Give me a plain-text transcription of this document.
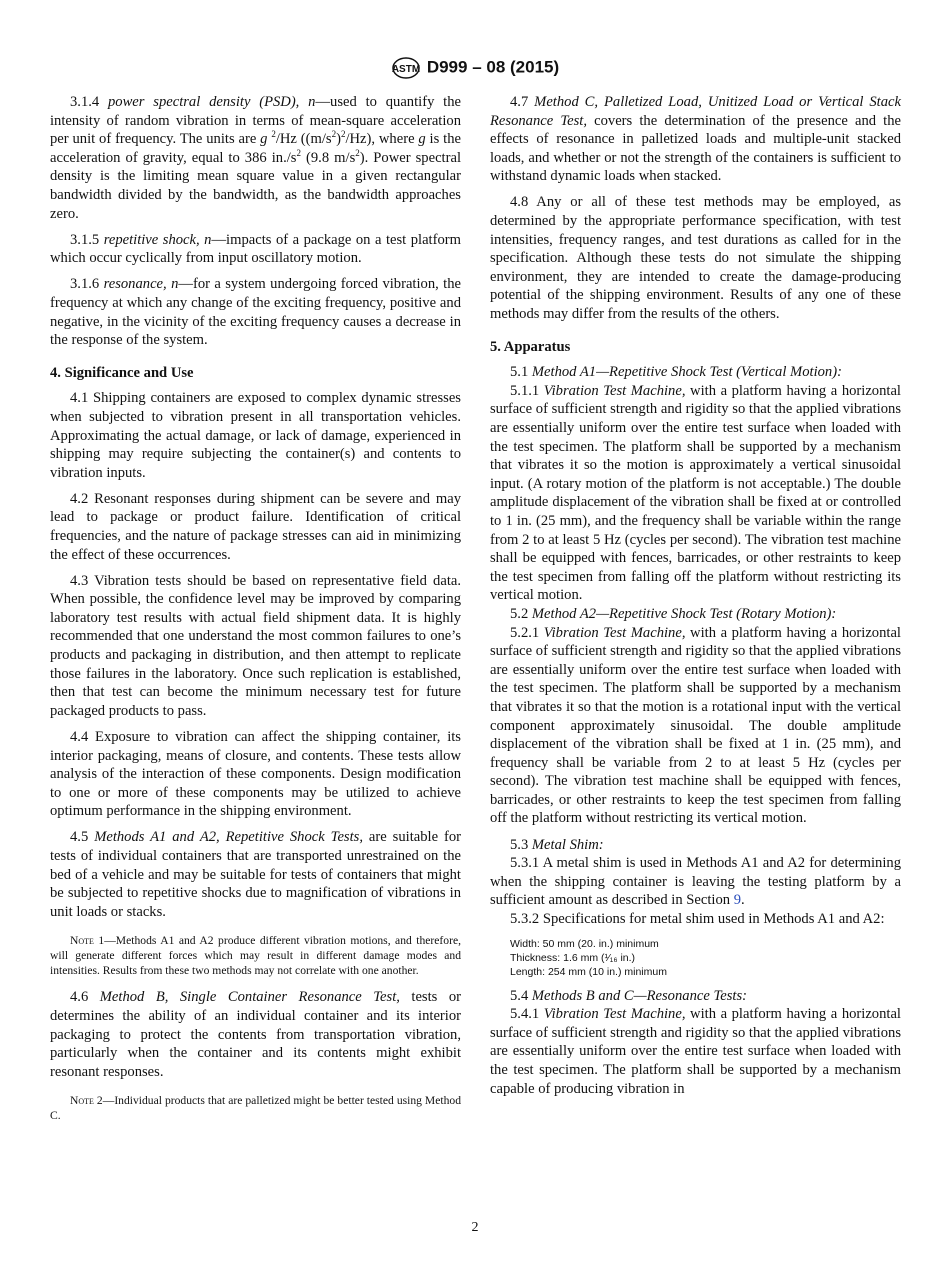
ASTM D999 – 08 (2015)

3.1.4 power spectral density (PSD), n—used to quantify the intensity of random vibration in terms of mean-square acceleration per unit of frequency. The units are g $^2$/Hz $((m/s^2)^2/Hz)$, where g is the acceleration of gravity, equal to 386 $in./s^2$ (9.8 $m/s^2$). Power spectral density is the limiting mean square value in a given rectangular bandwidth divided by the bandwidth, as the bandwidth approaches zero.

3.1.5 repetitive shock, n—impacts of a package on a test platform which occur cyclically from input oscillatory motion.

3.1.6 resonance, n—for a system undergoing forced vibration, the frequency at which any change of the exciting frequency, positive and negative, in the vicinity of the exciting frequency causes a decrease in the response of the system.

4. Significance and Use

4.1 Shipping containers are exposed to complex dynamic stresses when subjected to vibration present in all transportation vehicles. Approximating the actual damage, or lack of damage, experienced in shipping may require subjecting the container(s) and contents to vibration inputs.

4.2 Resonant responses during shipment can be severe and may lead to package or product failure. Identification of critical frequencies, and the nature of package stresses can aid in minimizing the effect of these occurrences.

4.3 Vibration tests should be based on representative field data. When possible, the confidence level may be improved by comparing laboratory test results with actual field shipment data. It is highly recommended that one understand the most common failures to one’s products and packaging in distribution, and then attempt to replicate those failures in the laboratory. Once such replication is established, then that test can become the minimum necessary test for future packaged products to pass.

4.4 Exposure to vibration can affect the shipping container, its interior packaging, means of closure, and contents. These tests allow analysis of the interaction of these components. Design modification to one or more of these components may be utilized to achieve optimum performance in the shipping environment.

4.5 Methods A1 and A2, Repetitive Shock Tests, are suitable for tests of individual containers that are transported unrestrained on the bed of a vehicle and may be suitable for tests of containers that might be subjected to repetitive shocks due to magnification of vibrations in unit loads or stacks.

Note 1—Methods A1 and A2 produce different vibration motions, and therefore, will generate different forces which may result in different damage modes and intensities. Results from these two methods may not correlate with one another.

4.6 Method B, Single Container Resonance Test, tests or determines the ability of an individual container and its interior packaging to protect the contents from transportation vibration, particularly when the container and its contents might exhibit resonant responses.

Note 2—Individual products that are palletized might be better tested using Method C.

4.7 Method C, Palletized Load, Unitized Load or Vertical Stack Resonance Test, covers the determination of the presence and the effects of resonance in palletized loads and multiple-unit stacked loads, and whether or not the strength of the containers is sufficient to withstand dynamic loads when stacked.

4.8 Any or all of these test methods may be employed, as determined by the appropriate performance specification, with test intensities, frequency ranges, and test durations as called for in the specification. Although these tests do not simulate the shipping environment, they are intended to create the damage-producing potential of the shipping environment. Results of any one of these methods may differ from the results of the others.

5. Apparatus

5.1 Method A1—Repetitive Shock Test (Vertical Motion):

5.1.1 Vibration Test Machine, with a platform having a horizontal surface of sufficient strength and rigidity so that the applied vibrations are essentially uniform over the entire test surface when loaded with the test specimen. The platform shall be supported by a mechanism that vibrates it so the motion is approximately a vertical sinusoidal input. (A rotary motion of the platform is not acceptable.) The double amplitude displacement of the vibration shall be fixed at or controlled to 1 in. (25 mm), and the frequency shall be variable within the range from 2 to at least 5 Hz (cycles per second). The vibration test machine shall be equipped with fences, barricades, or other restraints to keep the test specimen from falling off the platform without restricting its vertical motion.

5.2 Method A2—Repetitive Shock Test (Rotary Motion):

5.2.1 Vibration Test Machine, with a platform having a horizontal surface of sufficient strength and rigidity so that the applied vibrations are essentially uniform over the entire test surface when loaded with the test specimen. The platform shall be supported by a mechanism that vibrates it so that the motion is a rotational input with the vertical component approximately sinusoidal. The double amplitude displacement of the vibration shall be fixed at 1 in. (25 mm), and frequency shall be variable from 2 to at least 5 Hz (cycles per second). The vibration test machine shall be equipped with fences, barricades, or other restraints to keep the test specimen from falling off the platform without restricting its vertical motion.

5.3 Metal Shim:

5.3.1 A metal shim is used in Methods A1 and A2 for determining when the shipping container is leaving the testing platform by a sufficient amount as described in Section 9.

5.3.2 Specifications for metal shim used in Methods A1 and A2:

Width: 50 mm (20. in.) minimum
Thickness: 1.6 mm (¹⁄₁₆ in.)
Length: 254 mm (10 in.) minimum

5.4 Methods B and C—Resonance Tests:

5.4.1 Vibration Test Machine, with a platform having a horizontal surface of sufficient strength and rigidity so that the applied vibrations are essentially uniform over the entire test surface when loaded with the test specimen. The platform shall be supported by a mechanism capable of producing vibration in

2
